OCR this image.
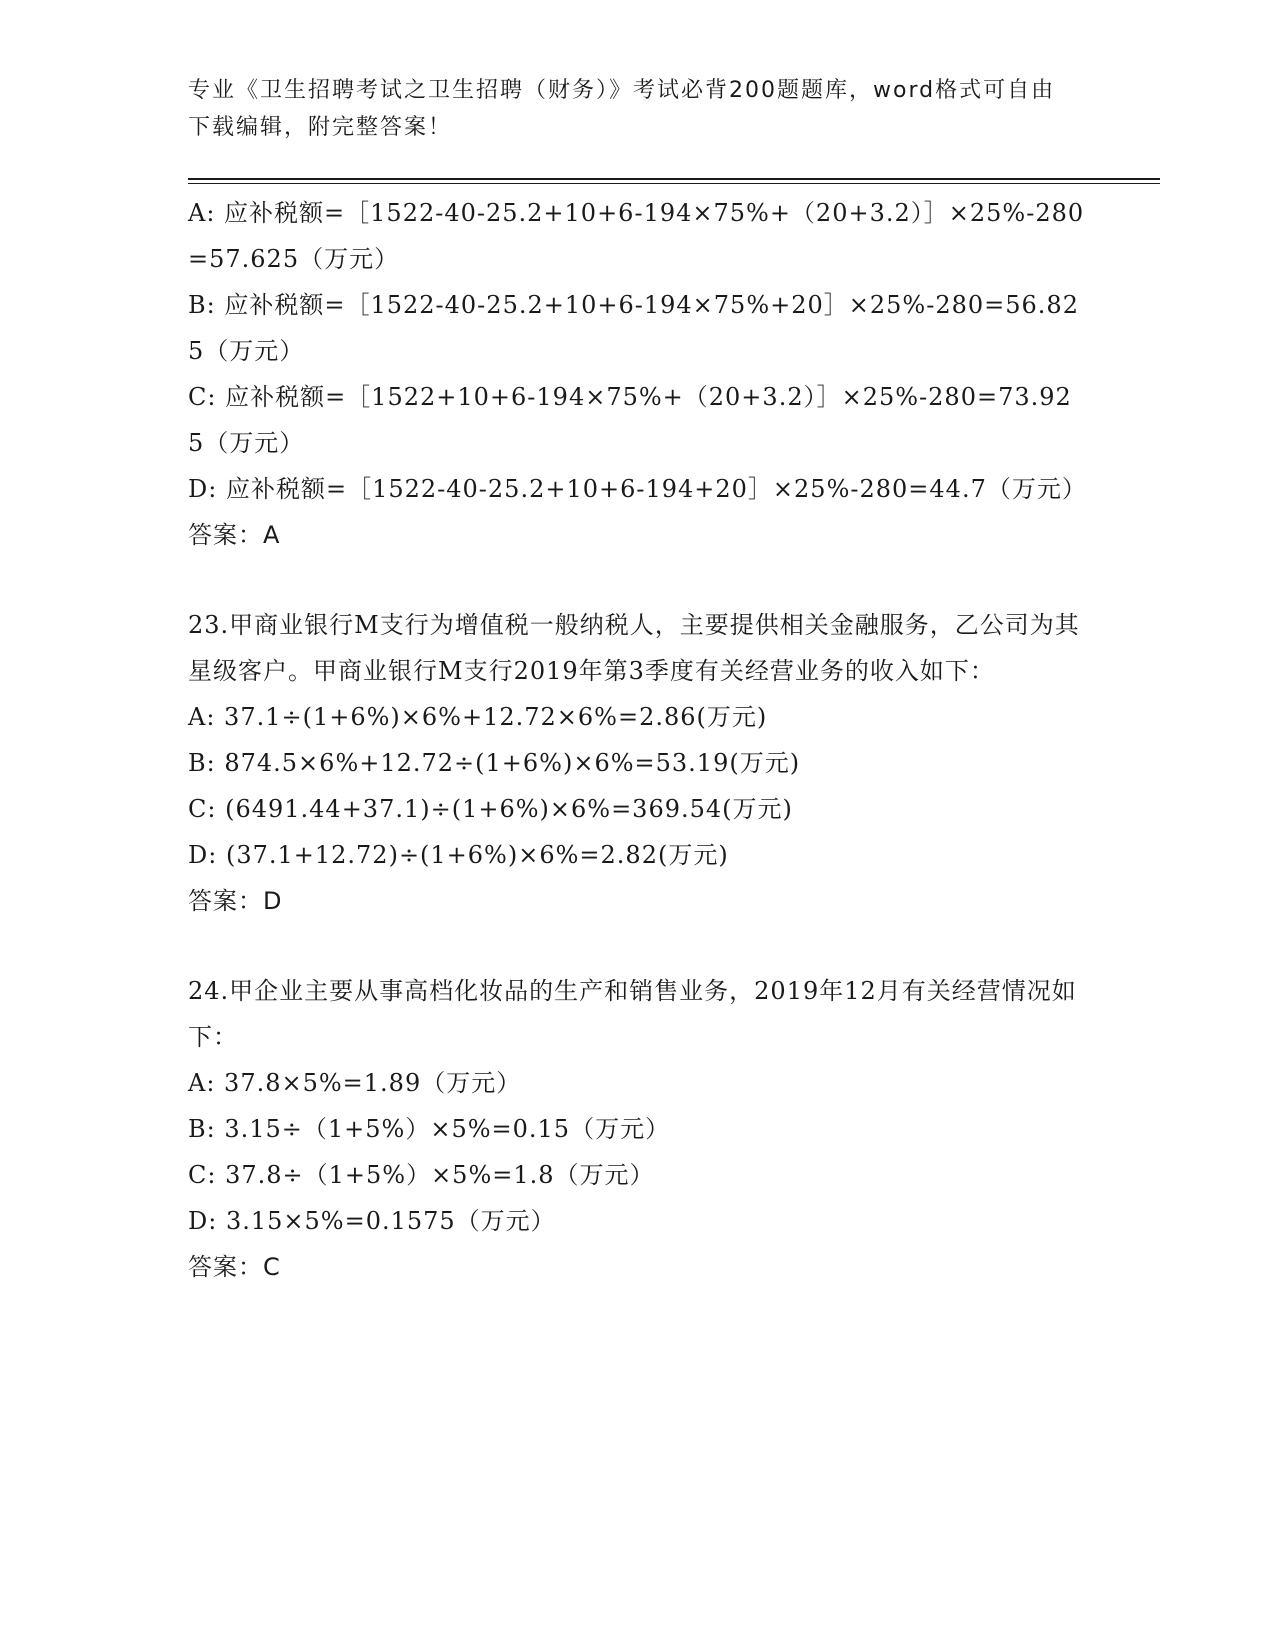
专业《卫生招聘考试之卫生招聘（财务）》考试必背200题题库，word格式可自由下载编辑，附完整答案！

A: 应补税额=［1522-40-25.2+10+6-194×75%+（20+3.2）］×25%-280=57.625（万元）

B: 应补税额=［1522-40-25.2+10+6-194×75%+20］×25%-280=56.825（万元）

C: 应补税额=［1522+10+6-194×75%+（20+3.2）］×25%-280=73.925（万元）

D: 应补税额=［1522-40-25.2+10+6-194+20］×25%-280=44.7（万元）

答案：A

23.甲商业银行M支行为增值税一般纳税人，主要提供相关金融服务，乙公司为其星级客户。甲商业银行M支行2019年第3季度有关经营业务的收入如下：

A: 37.1÷(1+6%)×6%+12.72×6%=2.86(万元)

B: 874.5×6%+12.72÷(1+6%)×6%=53.19(万元)

C: (6491.44+37.1)÷(1+6%)×6%=369.54(万元)

D: (37.1+12.72)÷(1+6%)×6%=2.82(万元)

答案：D

24.甲企业主要从事高档化妆品的生产和销售业务，2019年12月有关经营情况如下：

A: 37.8×5%=1.89（万元）

B: 3.15÷（1+5%）×5%=0.15（万元）

C: 37.8÷（1+5%）×5%=1.8（万元）

D: 3.15×5%=0.1575（万元）

答案：C
